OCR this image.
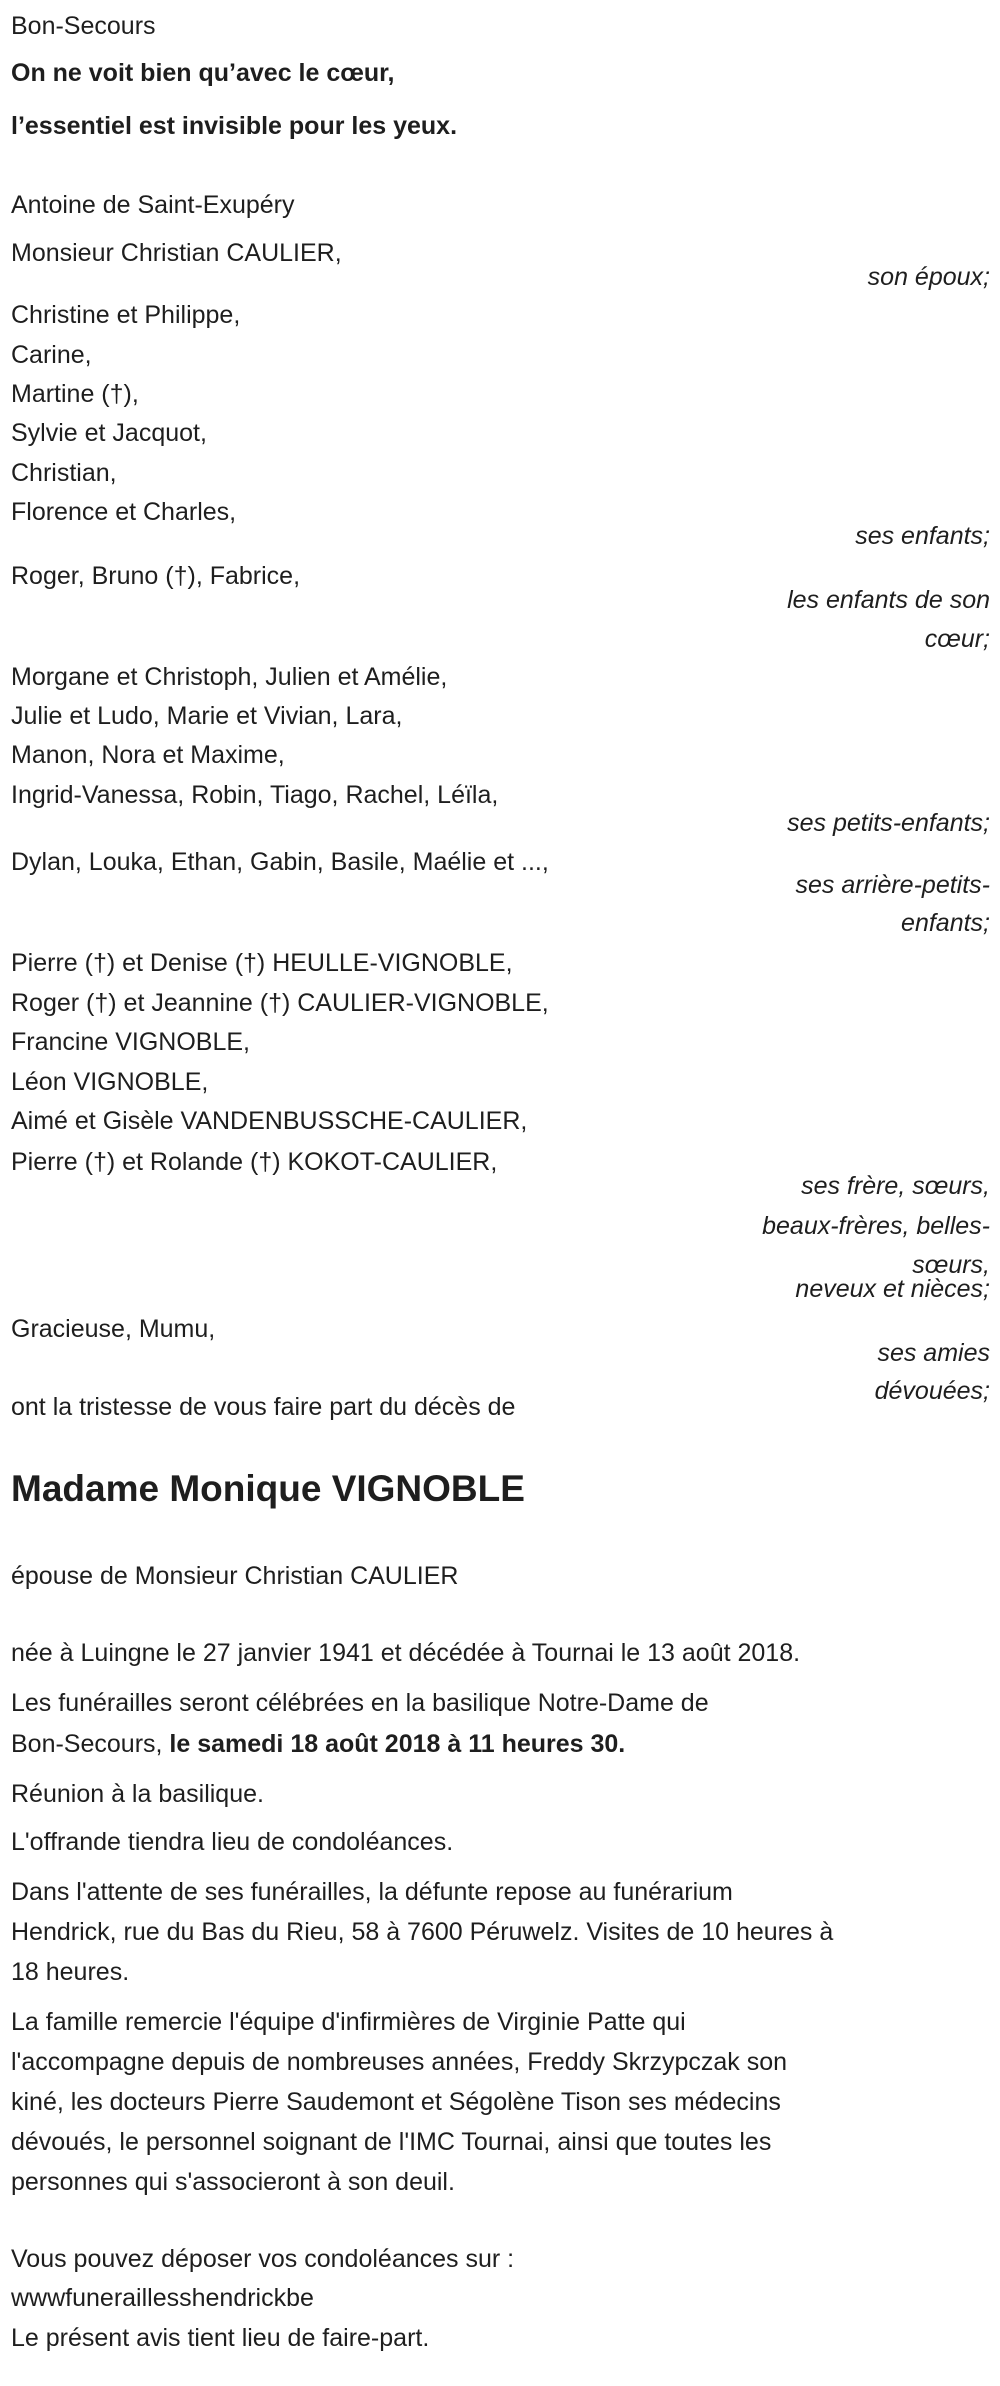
Bon-Secours
On ne voit bien qu’avec le cœur,
l’essentiel est invisible pour les yeux.
Antoine de Saint-Exupéry
Monsieur Christian CAULIER,
son époux;
Christine et Philippe,
Carine,
Martine (†),
Sylvie et Jacquot,
Christian,
Florence et Charles,
ses enfants;
Roger, Bruno (†), Fabrice,
les enfants de son
cœur;
Morgane et Christoph, Julien et Amélie,
Julie et Ludo, Marie et Vivian, Lara,
Manon, Nora et Maxime,
Ingrid-Vanessa, Robin, Tiago, Rachel, Léïla,
ses petits-enfants;
Dylan, Louka, Ethan, Gabin, Basile, Maélie et ...,
ses arrière-petits-
enfants;
Pierre (†) et Denise (†) HEULLE-VIGNOBLE,
Roger (†) et Jeannine (†) CAULIER-VIGNOBLE,
Francine VIGNOBLE,
Léon VIGNOBLE,
Aimé et Gisèle VANDENBUSSCHE-CAULIER,
Pierre (†) et Rolande (†) KOKOT-CAULIER,
ses frère, sœurs,
beaux-frères, belles-
sœurs,
neveux et nièces;
Gracieuse, Mumu,
ses amies
dévouées;
ont la tristesse de vous faire part du décès de
Madame Monique VIGNOBLE
épouse de Monsieur Christian CAULIER
née à Luingne le 27 janvier 1941 et décédée à Tournai le 13 août 2018.
Les funérailles seront célébrées en la basilique Notre-Dame de
Bon-Secours, le samedi 18 août 2018 à 11 heures 30.
Réunion à la basilique.
L'offrande tiendra lieu de condoléances.
Dans l'attente de ses funérailles, la défunte repose au funérarium
Hendrick, rue du Bas du Rieu, 58 à 7600 Péruwelz. Visites de 10 heures à
18 heures.
La famille remercie l'équipe d'infirmières de Virginie Patte qui
l'accompagne depuis de nombreuses années, Freddy Skrzypczak son
kiné, les docteurs Pierre Saudemont et Ségolène Tison ses médecins
dévoués, le personnel soignant de l'IMC Tournai, ainsi que toutes les
personnes qui s'associeront à son deuil.
Vous pouvez déposer vos condoléances sur :
wwwfuneraillesshendrickbe
Le présent avis tient lieu de faire-part.
